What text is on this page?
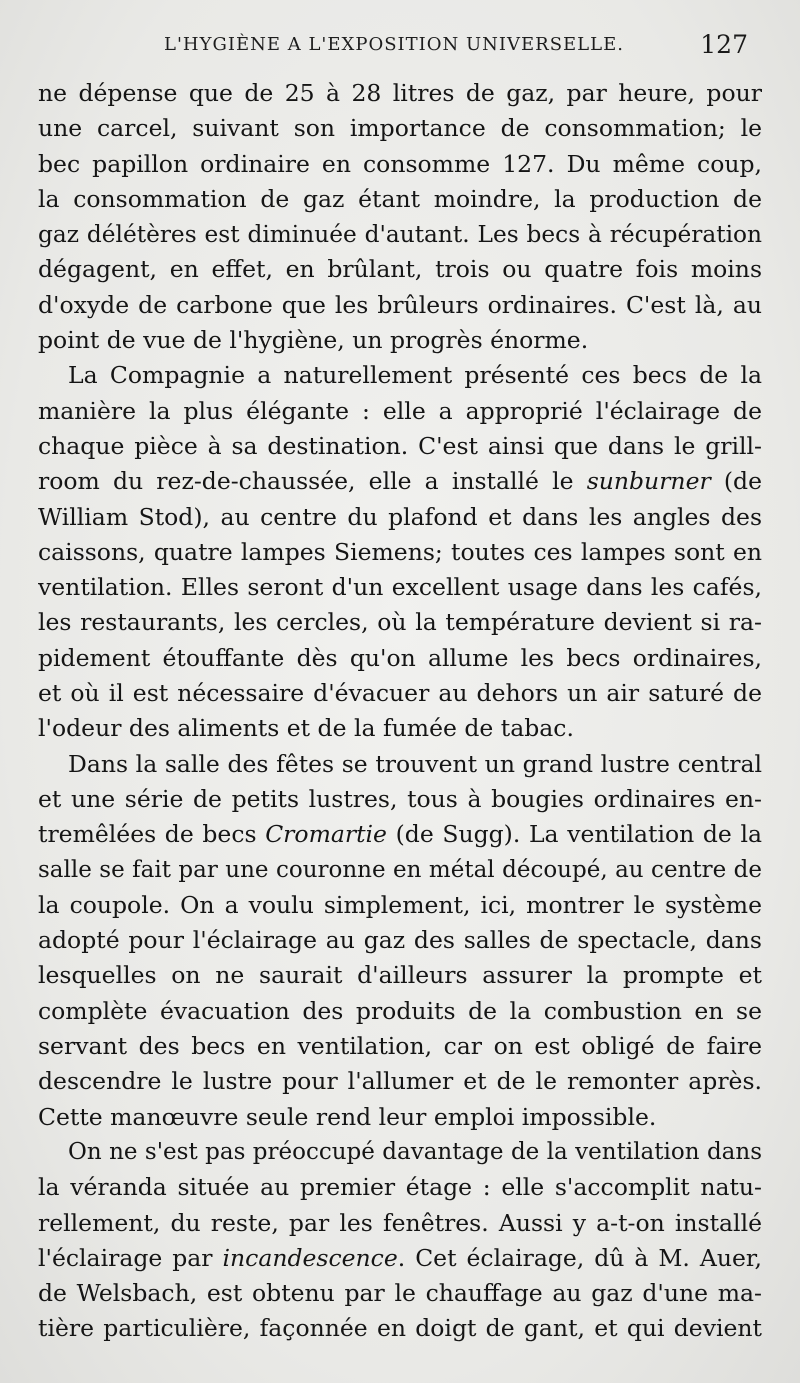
L'HYGIÈNE A L'EXPOSITION UNIVERSELLE.	127
ne dépense que de 25 à 28 litres de gaz, par heure, pour
une carcel, suivant son importance de consommation; le
bec papillon ordinaire en consomme 127. Du même coup,
la consommation de gaz étant moindre, la production de
gaz délétères est diminuée d'autant. Les becs à récupération
dégagent, en effet, en brûlant, trois ou quatre fois moins
d'oxyde de carbone que les brûleurs ordinaires. C'est là, au
point de vue de l'hygiène, un progrès énorme.
La Compagnie a naturellement présenté ces becs de la
manière la plus élégante : elle a approprié l'éclairage de
chaque pièce à sa destination. C'est ainsi que dans le grill-
room du rez-de-chaussée, elle a installé le sunburner (de
William Stod), au centre du plafond et dans les angles des
caissons, quatre lampes Siemens; toutes ces lampes sont en
ventilation. Elles seront d'un excellent usage dans les cafés,
les restaurants, les cercles, où la température devient si ra-
pidement étouffante dès qu'on allume les becs ordinaires,
et où il est nécessaire d'évacuer au dehors un air saturé de
l'odeur des aliments et de la fumée de tabac.
Dans la salle des fêtes se trouvent un grand lustre central
et une série de petits lustres, tous à bougies ordinaires en-
tremêlées de becs Cromartie (de Sugg). La ventilation de la
salle se fait par une couronne en métal découpé, au centre de
la coupole. On a voulu simplement, ici, montrer le système
adopté pour l'éclairage au gaz des salles de spectacle, dans
lesquelles on ne saurait d'ailleurs assurer la prompte et
complète évacuation des produits de la combustion en se
servant des becs en ventilation, car on est obligé de faire
descendre le lustre pour l'allumer et de le remonter après.
Cette manœuvre seule rend leur emploi impossible.
On ne s'est pas préoccupé davantage de la ventilation dans
la véranda située au premier étage : elle s'accomplit natu-
rellement, du reste, par les fenêtres. Aussi y a-t-on installé
l'éclairage par incandescence. Cet éclairage, dû à M. Auer,
de Welsbach, est obtenu par le chauffage au gaz d'une ma-
tière particulière, façonnée en doigt de gant, et qui devient
